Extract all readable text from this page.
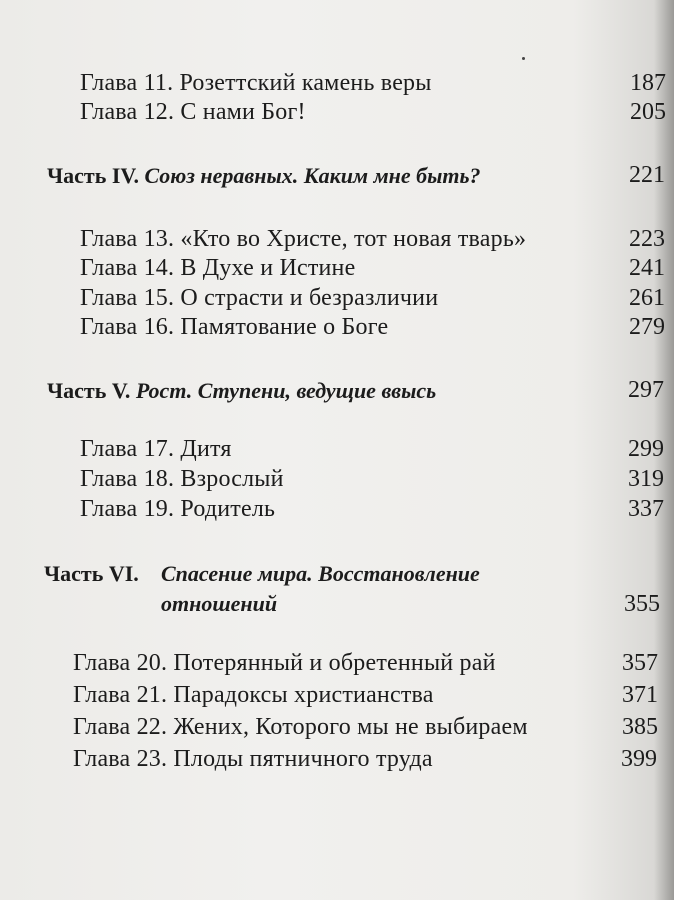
Глава 11. Розеттский камень веры	187
Глава 12. С нами Бог!	205
Часть IV. Союз неравных. Каким мне быть?	221
Глава 13. «Кто во Христе, тот новая тварь»	223
Глава 14. В Духе и Истине	241
Глава 15. О страсти и безразличии	261
Глава 16. Памятование о Боге	279
Часть V. Рост. Ступени, ведущие ввысь	297
Глава 17. Дитя	299
Глава 18. Взрослый	319
Глава 19. Родитель	337
Часть VI. Спасение мира. Восстановление
отношений	355
Глава 20. Потерянный и обретенный рай	357
Глава 21. Парадоксы христианства	371
Глава 22. Жених, Которого мы не выбираем	385
Глава 23. Плоды пятничного труда	399
